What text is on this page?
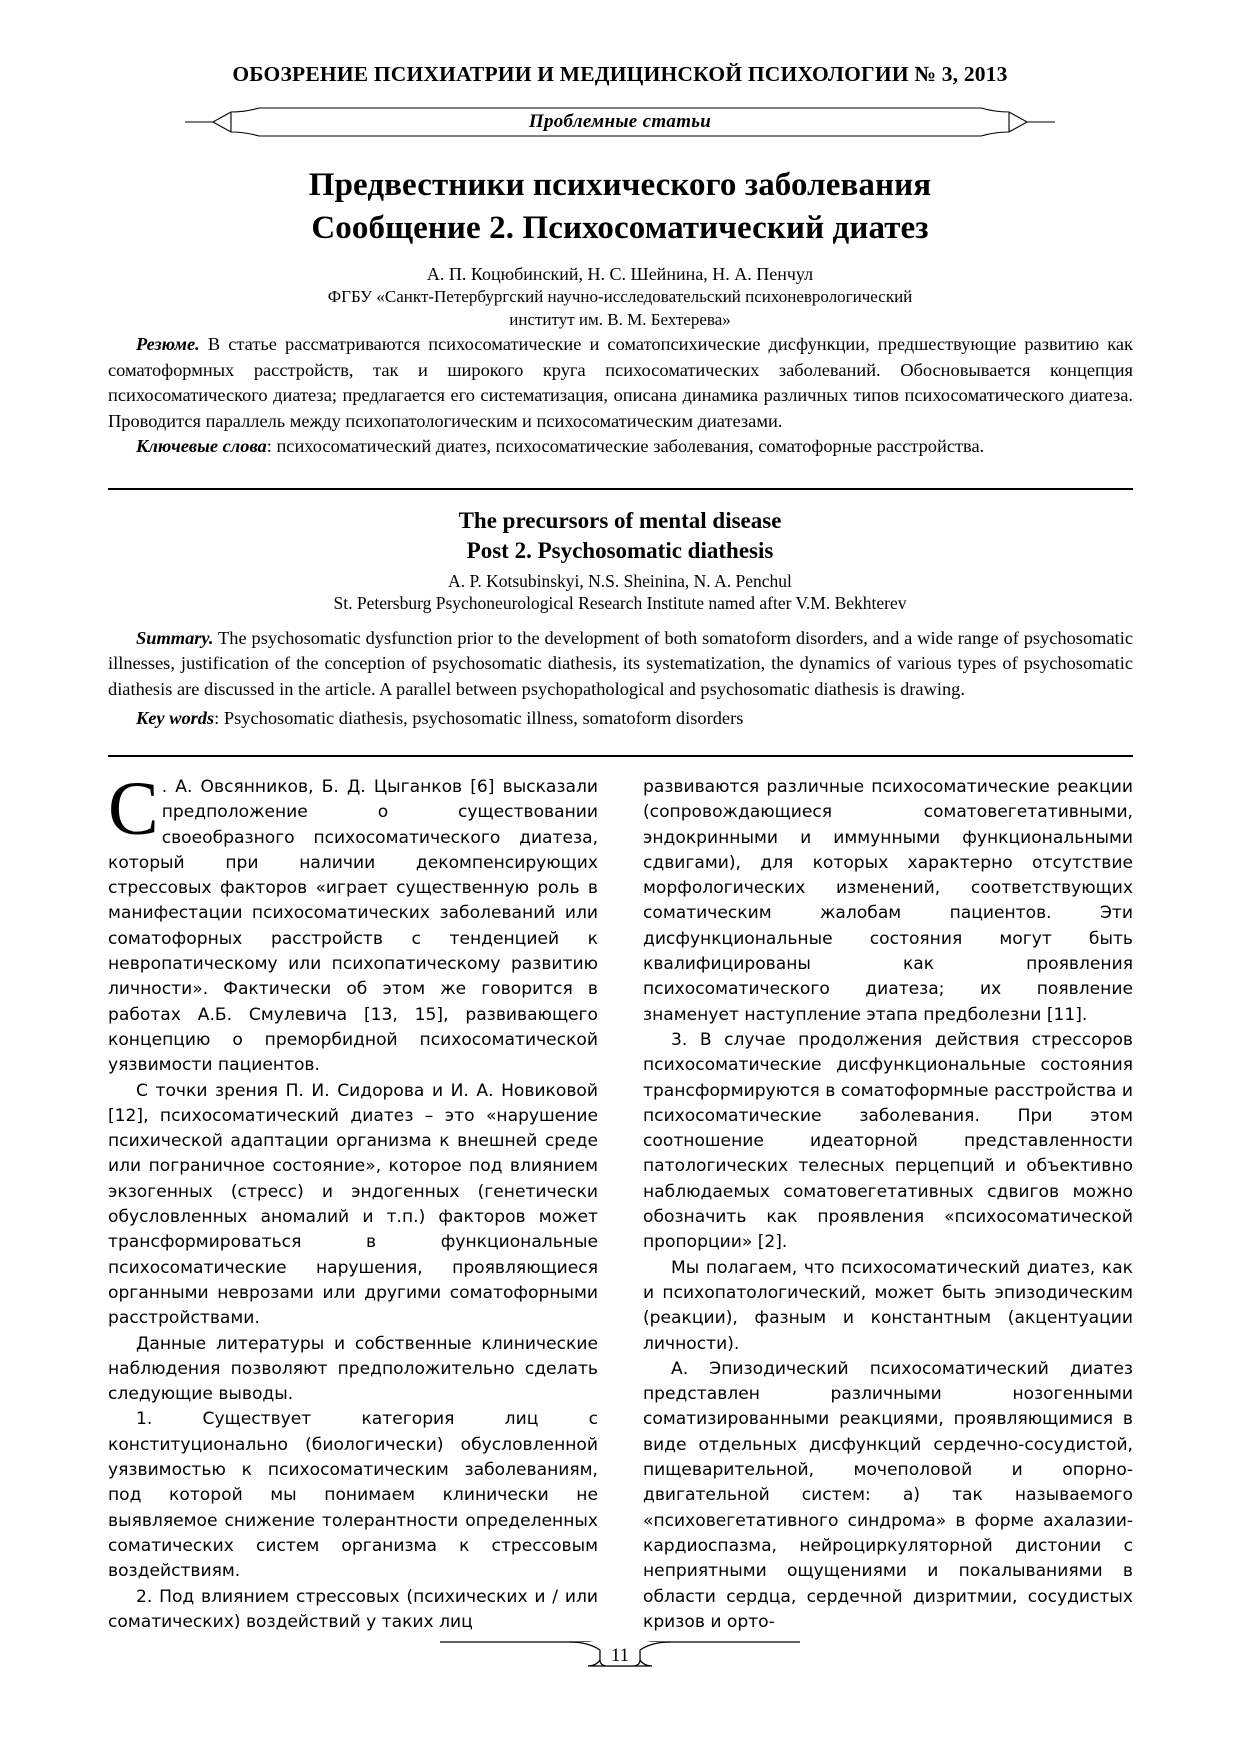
ОБОЗРЕНИЕ ПСИХИАТРИИ И МЕДИЦИНСКОЙ ПСИХОЛОГИИ № 3, 2013
Проблемные статьи
Предвестники психического заболевания
Сообщение 2. Психосоматический диатез
А. П. Коцюбинский, Н. С. Шейнина, Н. А. Пенчул
ФГБУ «Санкт-Петербургский научно-исследовательский психоневрологический
институт им. В. М. Бехтерева»

Резюме. В статье рассматриваются психосоматические и соматопсихические дисфункции, предшествующие развитию как соматоформных расстройств, так и широкого круга психосоматических заболеваний. Обосновывается концепция психосоматического диатеза; предлагается его систематизация, описана динамика различных типов психосоматического диатеза. Проводится параллель между психопатологическим и психосоматическим диатезами.

Ключевые слова: психосоматический диатез, психосоматические заболевания, соматофорные расстройства.

The precursors of mental disease
Post 2. Psychosomatic diathesis
A. P. Kotsubinskyi, N.S. Sheinina, N. A. Penchul
St. Petersburg Psychoneurological Research Institute named after V.M. Bekhterev

Summary. The psychosomatic dysfunction prior to the development of both somatoform disorders, and a wide range of psychosomatic illnesses, justification of the conception of psychosomatic diathesis, its systematization, the dynamics of various types of psychosomatic diathesis are discussed in the article. A parallel between psychopathological and psychosomatic diathesis is drawing.

Key words: Psychosomatic diathesis, psychosomatic illness, somatoform disorders

С . А. Овсянников, Б. Д. Цыганков [6] высказали предположение о существовании своеобразного психосоматического диатеза, который при наличии декомпенсирующих стрессовых факторов «играет существенную роль в манифестации психосоматических заболеваний или соматофорных расстройств с тенденцией к невропатическому или психопатическому развитию личности». Фактически об этом же говорится в работах А.Б. Смулевича [13, 15], развивающего концепцию о преморбидной психосоматической уязвимости пациентов.

С точки зрения П. И. Сидорова и И. А. Новиковой [12], психосоматический диатез – это «нарушение психической адаптации организма к внешней среде или пограничное состояние», которое под влиянием экзогенных (стресс) и эндогенных (генетически обусловленных аномалий и т.п.) факторов может трансформироваться в функциональные психосоматические нарушения, проявляющиеся органными неврозами или другими соматофорными расстройствами.

Данные литературы и собственные клинические наблюдения позволяют предположительно сделать следующие выводы.

1. Существует категория лиц с конституционально (биологически) обусловленной уязвимостью к психосоматическим заболеваниям, под которой мы понимаем клинически не выявляемое снижение толерантности определенных соматических систем организма к стрессовым воздействиям.

2. Под влиянием стрессовых (психических и / или соматических) воздействий у таких лиц

развиваются различные психосоматические реакции (сопровождающиеся соматовегетативными, эндокринными и иммунными функциональными сдвигами), для которых характерно отсутствие морфологических изменений, соответствующих соматическим жалобам пациентов. Эти дисфункциональные состояния могут быть квалифицированы как проявления психосоматического диатеза; их появление знаменует наступление этапа предболезни [11].

3. В случае продолжения действия стрессоров психосоматические дисфункциональные состояния трансформируются в соматоформные расстройства и психосоматические заболевания. При этом соотношение идеаторной представленности патологических телесных перцепций и объективно наблюдаемых соматовегетативных сдвигов можно обозначить как проявления «психосоматической пропорции» [2].

Мы полагаем, что психосоматический диатез, как и психопатологический, может быть эпизодическим (реакции), фазным и константным (акцентуации личности).

А. Эпизодический психосоматический диатез представлен различными нозогенными соматизированными реакциями, проявляющимися в виде отдельных дисфункций сердечно-сосудистой, пищеварительной, мочеполовой и опорно-двигательной систем: а) так называемого «психовегетативного синдрома» в форме ахалазии-кардиоспазма, нейроциркуляторной дистонии с неприятными ощущениями и покалываниями в области сердца, сердечной дизритмии, сосудистых кризов и орто-

11
